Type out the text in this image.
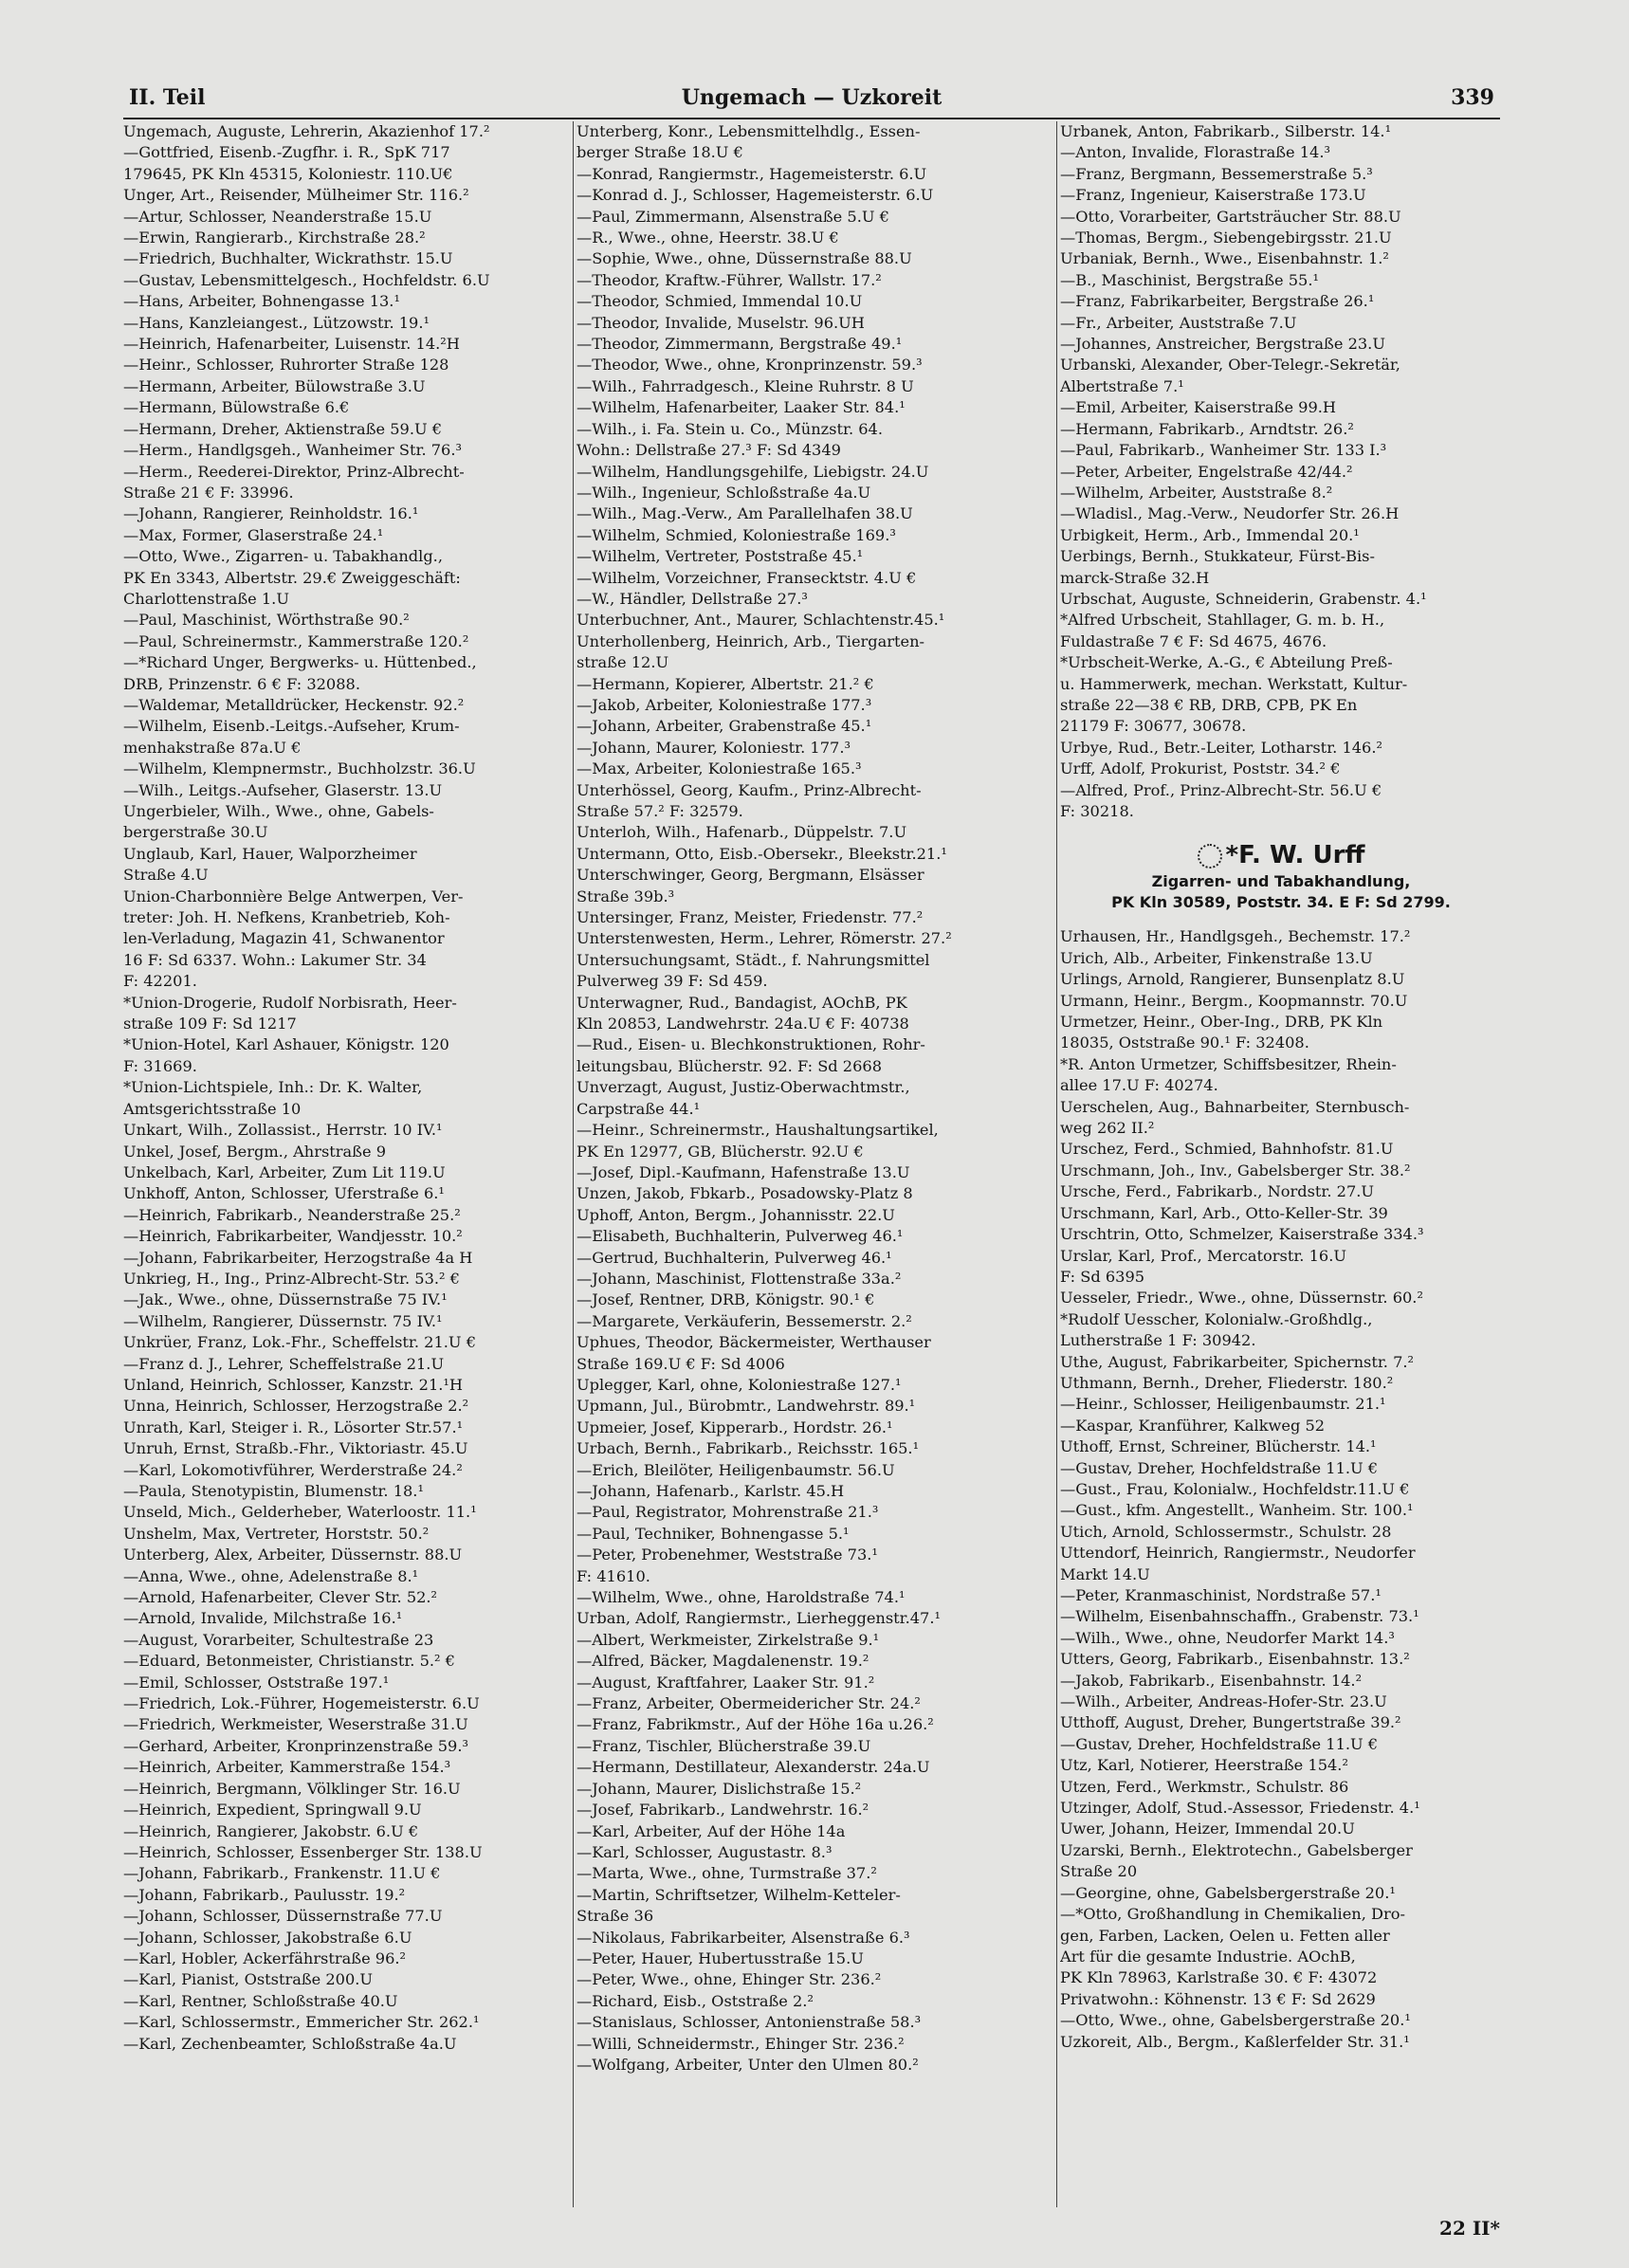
II. Teil	Ungemach — Uzkoreit	339
Ungemach, Auguste, Lehrerin, Akazienhof 17.²
—Gottfried, Eisenb.-Zugfhr. i. R., SpK 717
179645, PK Kln 45315, Koloniestr. 110.U€
Unger, Art., Reisender, Mülheimer Str. 116.²
—Artur, Schlosser, Neanderstraße 15.U
—Erwin, Rangierarb., Kirchstraße 28.²
—Friedrich, Buchhalter, Wickrathstr. 15.U
—Gustav, Lebensmittelgesch., Hochfeldstr. 6.U
—Hans, Arbeiter, Bohnengasse 13.¹
—Hans, Kanzleiangest., Lützowstr. 19.¹
—Heinrich, Hafenarbeiter, Luisenstr. 14.²H
—Heinr., Schlosser, Ruhrorter Straße 128
—Hermann, Arbeiter, Bülowstraße 3.U
—Hermann, Bülowstraße 6.€
—Hermann, Dreher, Aktienstraße 59.U €
—Herm., Handlgsgeh., Wanheimer Str. 76.³
—Herm., Reederei-Direktor, Prinz-Albrecht-
Straße 21 € F: 33996.
—Johann, Rangierer, Reinholdstr. 16.¹
—Max, Former, Glaserstraße 24.¹
—Otto, Wwe., Zigarren- u. Tabakhandlg.,
PK En 3343, Albertstr. 29.€ Zweiggeschäft:
Charlottenstraße 1.U
—Paul, Maschinist, Wörthstraße 90.²
—Paul, Schreinermstr., Kammerstraße 120.²
—*Richard Unger, Bergwerks- u. Hüttenbed.,
DRB, Prinzenstr. 6 € F: 32088.
—Waldemar, Metalldrücker, Heckenstr. 92.²
—Wilhelm, Eisenb.-Leitgs.-Aufseher, Krum-
menhakstraße 87a.U €
—Wilhelm, Klempnermstr., Buchholzstr. 36.U
—Wilh., Leitgs.-Aufseher, Glaserstr. 13.U
Ungerbieler, Wilh., Wwe., ohne, Gabels-
bergerstraße 30.U
Unglaub, Karl, Hauer, Walporzheimer
Straße 4.U
Union-Charbonnière Belge Antwerpen, Ver-
treter: Joh. H. Nefkens, Kranbetrieb, Koh-
len-Verladung, Magazin 41, Schwanentor
16 F: Sd 6337. Wohn.: Lakumer Str. 34
F: 42201.
*Union-Drogerie, Rudolf Norbisrath, Heer-
straße 109 F: Sd 1217
*Union-Hotel, Karl Ashauer, Königstr. 120
F: 31669.
*Union-Lichtspiele, Inh.: Dr. K. Walter,
Amtsgerichtsstraße 10
Unkart, Wilh., Zollassist., Herrstr. 10 IV.¹
Unkel, Josef, Bergm., Ahrstraße 9
Unkelbach, Karl, Arbeiter, Zum Lit 119.U
Unkhoff, Anton, Schlosser, Uferstraße 6.¹
—Heinrich, Fabrikarb., Neanderstraße 25.²
—Heinrich, Fabrikarbeiter, Wandjesstr. 10.²
—Johann, Fabrikarbeiter, Herzogstraße 4a H
Unkrieg, H., Ing., Prinz-Albrecht-Str. 53.² €
—Jak., Wwe., ohne, Düssernstraße 75 IV.¹
—Wilhelm, Rangierer, Düssernstr. 75 IV.¹
Unkrüer, Franz, Lok.-Fhr., Scheffelstr. 21.U €
—Franz d. J., Lehrer, Scheffelstraße 21.U
Unland, Heinrich, Schlosser, Kanzstr. 21.¹H
Unna, Heinrich, Schlosser, Herzogstraße 2.²
Unrath, Karl, Steiger i. R., Lösorter Str.57.¹
Unruh, Ernst, Straßb.-Fhr., Viktoriastr. 45.U
—Karl, Lokomotivführer, Werderstraße 24.²
—Paula, Stenotypistin, Blumenstr. 18.¹
Unseld, Mich., Gelderheber, Waterloostr. 11.¹
Unshelm, Max, Vertreter, Horststr. 50.²
Unterberg, Alex, Arbeiter, Düssernstr. 88.U
—Anna, Wwe., ohne, Adelenstraße 8.¹
—Arnold, Hafenarbeiter, Clever Str. 52.²
—Arnold, Invalide, Milchstraße 16.¹
—August, Vorarbeiter, Schultestraße 23
—Eduard, Betonmeister, Christianstr. 5.² €
—Emil, Schlosser, Oststraße 197.¹
—Friedrich, Lok.-Führer, Hogemeisterstr. 6.U
—Friedrich, Werkmeister, Weserstraße 31.U
—Gerhard, Arbeiter, Kronprinzenstraße 59.³
—Heinrich, Arbeiter, Kammerstraße 154.³
—Heinrich, Bergmann, Völklinger Str. 16.U
—Heinrich, Expedient, Springwall 9.U
—Heinrich, Rangierer, Jakobstr. 6.U €
—Heinrich, Schlosser, Essenberger Str. 138.U
—Johann, Fabrikarb., Frankenstr. 11.U €
—Johann, Fabrikarb., Paulusstr. 19.²
—Johann, Schlosser, Düssernstraße 77.U
—Johann, Schlosser, Jakobstraße 6.U
—Karl, Hobler, Ackerfährstraße 96.²
—Karl, Pianist, Oststraße 200.U
—Karl, Rentner, Schloßstraße 40.U
—Karl, Schlossermstr., Emmericher Str. 262.¹
—Karl, Zechenbeamter, Schloßstraße 4a.U
Unterberg, Konr., Lebensmittelhdlg., Essen-
berger Straße 18.U €
—Konrad, Rangiermstr., Hagemeisterstr. 6.U
—Konrad d. J., Schlosser, Hagemeisterstr. 6.U
—Paul, Zimmermann, Alsenstraße 5.U €
—R., Wwe., ohne, Heerstr. 38.U €
—Sophie, Wwe., ohne, Düssernstraße 88.U
—Theodor, Kraftw.-Führer, Wallstr. 17.²
—Theodor, Schmied, Immendal 10.U
—Theodor, Invalide, Muselstr. 96.UH
—Theodor, Zimmermann, Bergstraße 49.¹
—Theodor, Wwe., ohne, Kronprinzenstr. 59.³
—Wilh., Fahrradgesch., Kleine Ruhrstr. 8 U
—Wilhelm, Hafenarbeiter, Laaker Str. 84.¹
—Wilh., i. Fa. Stein u. Co., Münzstr. 64.
Wohn.: Dellstraße 27.³ F: Sd 4349
—Wilhelm, Handlungsgehilfe, Liebigstr. 24.U
—Wilh., Ingenieur, Schloßstraße 4a.U
—Wilh., Mag.-Verw., Am Parallelhafen 38.U
—Wilhelm, Schmied, Koloniestraße 169.³
—Wilhelm, Vertreter, Poststraße 45.¹
—Wilhelm, Vorzeichner, Fransecktstr. 4.U €
—W., Händler, Dellstraße 27.³
Unterbuchner, Ant., Maurer, Schlachtenstr.45.¹
Unterhollenberg, Heinrich, Arb., Tiergarten-
straße 12.U
—Hermann, Kopierer, Albertstr. 21.² €
—Jakob, Arbeiter, Koloniestraße 177.³
—Johann, Arbeiter, Grabenstraße 45.¹
—Johann, Maurer, Koloniestr. 177.³
—Max, Arbeiter, Koloniestraße 165.³
Unterhössel, Georg, Kaufm., Prinz-Albrecht-
Straße 57.² F: 32579.
Unterloh, Wilh., Hafenarb., Düppelstr. 7.U
Untermann, Otto, Eisb.-Obersekr., Bleekstr.21.¹
Unterschwinger, Georg, Bergmann, Elsässer
Straße 39b.³
Untersinger, Franz, Meister, Friedenstr. 77.²
Unterstenwesten, Herm., Lehrer, Römerstr. 27.²
Untersuchungsamt, Städt., f. Nahrungsmittel
Pulverweg 39 F: Sd 459.
Unterwagner, Rud., Bandagist, AOchB, PK
Kln 20853, Landwehrstr. 24a.U € F: 40738
—Rud., Eisen- u. Blechkonstruktionen, Rohr-
leitungsbau, Blücherstr. 92. F: Sd 2668
Unverzagt, August, Justiz-Oberwachtmstr.,
Carpstraße 44.¹
—Heinr., Schreinermstr., Haushaltungsartikel,
PK En 12977, GB, Blücherstr. 92.U €
—Josef, Dipl.-Kaufmann, Hafenstraße 13.U
Unzen, Jakob, Fbkarb., Posadowsky-Platz 8
Uphoff, Anton, Bergm., Johannisstr. 22.U
—Elisabeth, Buchhalterin, Pulverweg 46.¹
—Gertrud, Buchhalterin, Pulverweg 46.¹
—Johann, Maschinist, Flottenstraße 33a.²
—Josef, Rentner, DRB, Königstr. 90.¹ €
—Margarete, Verkäuferin, Bessemerstr. 2.²
Uphues, Theodor, Bäckermeister, Werthauser
Straße 169.U € F: Sd 4006
Uplegger, Karl, ohne, Koloniestraße 127.¹
Upmann, Jul., Bürobmtr., Landwehrstr. 89.¹
Upmeier, Josef, Kipperarb., Hordstr. 26.¹
Urbach, Bernh., Fabrikarb., Reichsstr. 165.¹
—Erich, Bleilöter, Heiligenbaumstr. 56.U
—Johann, Hafenarb., Karlstr. 45.H
—Paul, Registrator, Mohrenstraße 21.³
—Paul, Techniker, Bohnengasse 5.¹
—Peter, Probenehmer, Weststraße 73.¹
F: 41610.
—Wilhelm, Wwe., ohne, Haroldstraße 74.¹
Urban, Adolf, Rangiermstr., Lierheggenstr.47.¹
—Albert, Werkmeister, Zirkelstraße 9.¹
—Alfred, Bäcker, Magdalenenstr. 19.²
—August, Kraftfahrer, Laaker Str. 91.²
—Franz, Arbeiter, Obermeidericher Str. 24.²
—Franz, Fabrikmstr., Auf der Höhe 16a u.26.²
—Franz, Tischler, Blücherstraße 39.U
—Hermann, Destillateur, Alexanderstr. 24a.U
—Johann, Maurer, Dislichstraße 15.²
—Josef, Fabrikarb., Landwehrstr. 16.²
—Karl, Arbeiter, Auf der Höhe 14a
—Karl, Schlosser, Augustastr. 8.³
—Marta, Wwe., ohne, Turmstraße 37.²
—Martin, Schriftsetzer, Wilhelm-Ketteler-
Straße 36
—Nikolaus, Fabrikarbeiter, Alsenstraße 6.³
—Peter, Hauer, Hubertusstraße 15.U
—Peter, Wwe., ohne, Ehinger Str. 236.²
—Richard, Eisb., Oststraße 2.²
—Stanislaus, Schlosser, Antonienstraße 58.³
—Willi, Schneidermstr., Ehinger Str. 236.²
—Wolfgang, Arbeiter, Unter den Ulmen 80.²
Urbanek, Anton, Fabrikarb., Silberstr. 14.¹
—Anton, Invalide, Florastraße 14.³
—Franz, Bergmann, Bessemerstraße 5.³
—Franz, Ingenieur, Kaiserstraße 173.U
—Otto, Vorarbeiter, Gartsträucher Str. 88.U
—Thomas, Bergm., Siebengebirgsstr. 21.U
Urbaniak, Bernh., Wwe., Eisenbahnstr. 1.²
—B., Maschinist, Bergstraße 55.¹
—Franz, Fabrikarbeiter, Bergstraße 26.¹
—Fr., Arbeiter, Auststraße 7.U
—Johannes, Anstreicher, Bergstraße 23.U
Urbanski, Alexander, Ober-Telegr.-Sekretär,
Albertstraße 7.¹
—Emil, Arbeiter, Kaiserstraße 99.H
—Hermann, Fabrikarb., Arndtstr. 26.²
—Paul, Fabrikarb., Wanheimer Str. 133 I.³
—Peter, Arbeiter, Engelstraße 42/44.²
—Wilhelm, Arbeiter, Auststraße 8.²
—Wladisl., Mag.-Verw., Neudorfer Str. 26.H
Urbigkeit, Herm., Arb., Immendal 20.¹
Uerbings, Bernh., Stukkateur, Fürst-Bis-
marck-Straße 32.H
Urbschat, Auguste, Schneiderin, Grabenstr. 4.¹
*Alfred Urbscheit, Stahllager, G. m. b. H.,
Fuldastraße 7 € F: Sd 4675, 4676.
*Urbscheit-Werke, A.-G., € Abteilung Preß-
u. Hammerwerk, mechan. Werkstatt, Kultur-
straße 22—38 € RB, DRB, CPB, PK En
21179 F: 30677, 30678.
Urbye, Rud., Betr.-Leiter, Lotharstr. 146.²
Urff, Adolf, Prokurist, Poststr. 34.² €
—Alfred, Prof., Prinz-Albrecht-Str. 56.U €
F: 30218.
*F. W. Urff
Zigarren- und Tabakhandlung,
PK Kln 30589, Poststr. 34. E F: Sd 2799.
Urhausen, Hr., Handlgsgeh., Bechemstr. 17.²
Urich, Alb., Arbeiter, Finkenstraße 13.U
Urlings, Arnold, Rangierer, Bunsenplatz 8.U
Urmann, Heinr., Bergm., Koopmannstr. 70.U
Urmetzer, Heinr., Ober-Ing., DRB, PK Kln
18035, Oststraße 90.¹ F: 32408.
*R. Anton Urmetzer, Schiffsbesitzer, Rhein-
allee 17.U F: 40274.
Uerschelen, Aug., Bahnarbeiter, Sternbusch-
weg 262 II.²
Urschez, Ferd., Schmied, Bahnhofstr. 81.U
Urschmann, Joh., Inv., Gabelsberger Str. 38.²
Ursche, Ferd., Fabrikarb., Nordstr. 27.U
Urschmann, Karl, Arb., Otto-Keller-Str. 39
Urschtrin, Otto, Schmelzer, Kaiserstraße 334.³
Urslar, Karl, Prof., Mercatorstr. 16.U
F: Sd 6395
Uesseler, Friedr., Wwe., ohne, Düssernstr. 60.²
*Rudolf Uesscher, Kolonialw.-Großhdlg.,
Lutherstraße 1 F: 30942.
Uthe, August, Fabrikarbeiter, Spichernstr. 7.²
Uthmann, Bernh., Dreher, Fliederstr. 180.²
—Heinr., Schlosser, Heiligenbaumstr. 21.¹
—Kaspar, Kranführer, Kalkweg 52
Uthoff, Ernst, Schreiner, Blücherstr. 14.¹
—Gustav, Dreher, Hochfeldstraße 11.U €
—Gust., Frau, Kolonialw., Hochfeldstr.11.U €
—Gust., kfm. Angestellt., Wanheim. Str. 100.¹
Utich, Arnold, Schlossermstr., Schulstr. 28
Uttendorf, Heinrich, Rangiermstr., Neudorfer
Markt 14.U
—Peter, Kranmaschinist, Nordstraße 57.¹
—Wilhelm, Eisenbahnschaffn., Grabenstr. 73.¹
—Wilh., Wwe., ohne, Neudorfer Markt 14.³
Utters, Georg, Fabrikarb., Eisenbahnstr. 13.²
—Jakob, Fabrikarb., Eisenbahnstr. 14.²
—Wilh., Arbeiter, Andreas-Hofer-Str. 23.U
Utthoff, August, Dreher, Bungertstraße 39.²
—Gustav, Dreher, Hochfeldstraße 11.U €
Utz, Karl, Notierer, Heerstraße 154.²
Utzen, Ferd., Werkmstr., Schulstr. 86
Utzinger, Adolf, Stud.-Assessor, Friedenstr. 4.¹
Uwer, Johann, Heizer, Immendal 20.U
Uzarski, Bernh., Elektrotechn., Gabelsberger
Straße 20
—Georgine, ohne, Gabelsbergerstraße 20.¹
—*Otto, Großhandlung in Chemikalien, Dro-
gen, Farben, Lacken, Oelen u. Fetten aller
Art für die gesamte Industrie. AOchB,
PK Kln 78963, Karlstraße 30. € F: 43072
Privatwohn.: Köhnenstr. 13 € F: Sd 2629
—Otto, Wwe., ohne, Gabelsbergerstraße 20.¹
Uzkoreit, Alb., Bergm., Kaßlerfelder Str. 31.¹
22 II*
